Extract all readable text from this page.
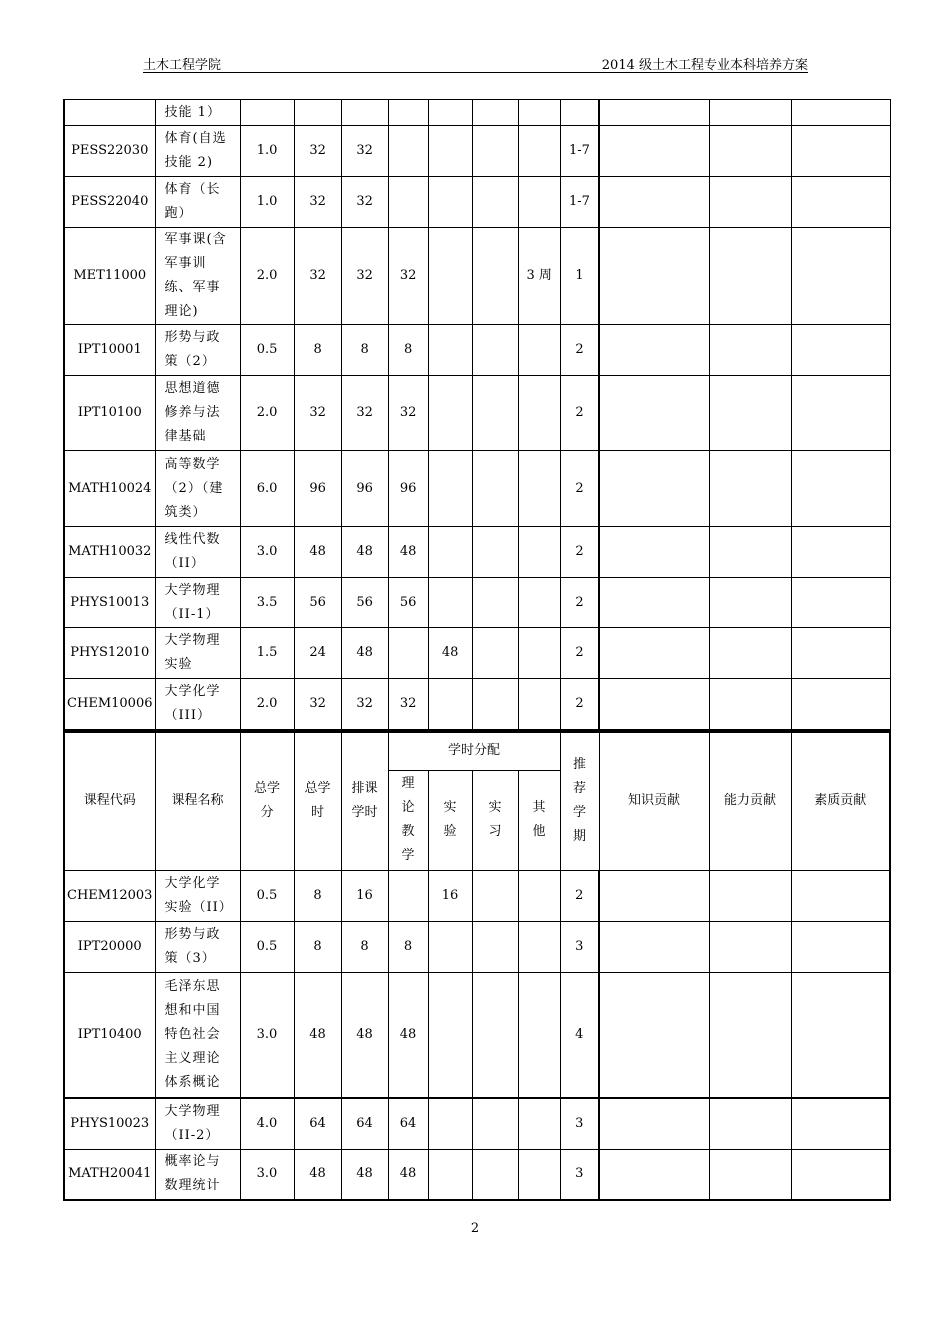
土木工程学院	2014 级土木工程专业本科培养方案
	技能 1）											
PESS22030	体育(自选技能 2)	1.0	32	32					1-7			
PESS22040	体育（长跑）	1.0	32	32					1-7			
MET11000	军事课(含军事训练、军事理论)	2.0	32	32	32			3 周	1			
IPT10001	形势与政策（2）	0.5	8	8	8				2			
IPT10100	思想道德修养与法律基础	2.0	32	32	32				2			
MATH10024	高等数学（2）（建筑类）	6.0	96	96	96				2			
MATH10032	线性代数（II）	3.0	48	48	48				2			
PHYS10013	大学物理（II-1）	3.5	56	56	56				2			
PHYS12010	大学物理实验	1.5	24	48		48			2			
CHEM10006	大学化学（III）	2.0	32	32	32				2			
课程代码	课程名称	总学分	总学时	排课学时	学时分配				推荐学期	知识贡献	能力贡献	素质贡献

					理论教学	实验	实习	其他				

CHEM12003	大学化学实验（II）	0.5	8	16		16			2			
IPT20000	形势与政策（3）	0.5	8	8	8				3			
IPT10400	毛泽东思想和中国特色社会主义理论体系概论	3.0	48	48	48				4			
PHYS10023	大学物理（II-2）	4.0	64	64	64				3			
MATH20041	概率论与数理统计	3.0	48	48	48				3			
2
